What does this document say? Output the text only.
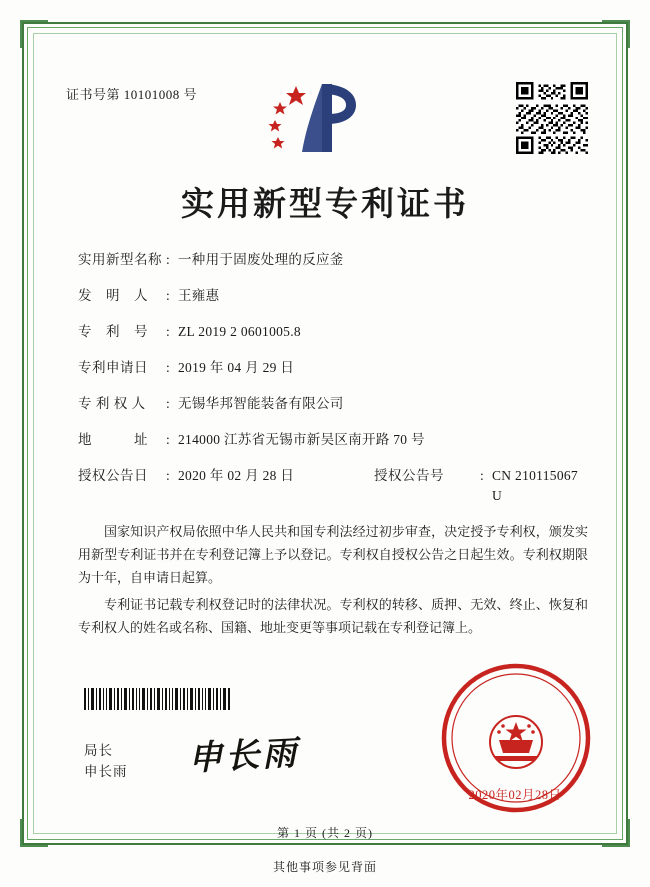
证书号第 10101008 号
实用新型专利证书
实用新型名称 : 一种用于固废处理的反应釜
发　明　人	: 王雍惠
专　利　号	: ZL 2019 2 0601005.8
专利申请日	: 2019 年 04 月 29 日
专 利 权 人	: 无锡华邦智能装备有限公司
地　　　址	: 214000 江苏省无锡市新吴区南开路 70 号
授权公告日	: 2020 年 02 月 28 日	授权公告号	: CN 210115067 U

国家知识产权局依照中华人民共和国专利法经过初步审查，决定授予专利权，颁发实用新型专利证书并在专利登记簿上予以登记。专利权自授权公告之日起生效。专利权期限为十年，自申请日起算。

专利证书记载专利权登记时的法律状况。专利权的转移、质押、无效、终止、恢复和专利权人的姓名或名称、国籍、地址变更等事项记载在专利登记簿上。

局长
申长雨 申长雨
2020年02月28日
第 1 页 (共 2 页)
其他事项参见背面
